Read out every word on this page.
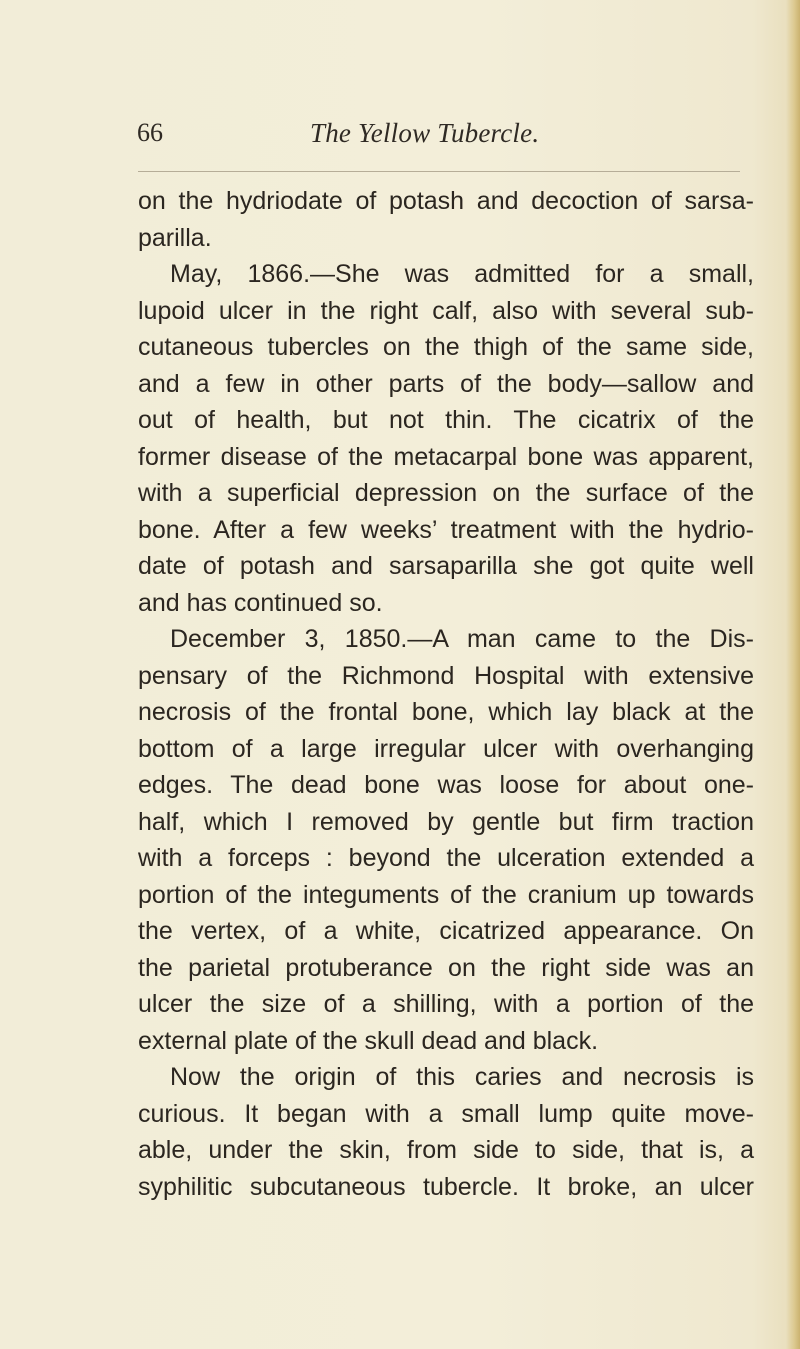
66	The Yellow Tubercle.
on the hydriodate of potash and decoction of sarsa-
parilla.
May, 1866.—She was admitted for a small,
lupoid ulcer in the right calf, also with several sub-
cutaneous tubercles on the thigh of the same side,
and a few in other parts of the body—sallow and
out of health, but not thin. The cicatrix of the
former disease of the metacarpal bone was apparent,
with a superficial depression on the surface of the
bone. After a few weeks’ treatment with the hydrio-
date of potash and sarsaparilla she got quite well
and has continued so.
December 3, 1850.—A man came to the Dis-
pensary of the Richmond Hospital with extensive
necrosis of the frontal bone, which lay black at the
bottom of a large irregular ulcer with overhanging
edges. The dead bone was loose for about one-
half, which I removed by gentle but firm traction
with a forceps : beyond the ulceration extended a
portion of the integuments of the cranium up towards
the vertex, of a white, cicatrized appearance. On
the parietal protuberance on the right side was an
ulcer the size of a shilling, with a portion of the
external plate of the skull dead and black.
Now the origin of this caries and necrosis is
curious. It began with a small lump quite move-
able, under the skin, from side to side, that is, a
syphilitic subcutaneous tubercle. It broke, an ulcer
